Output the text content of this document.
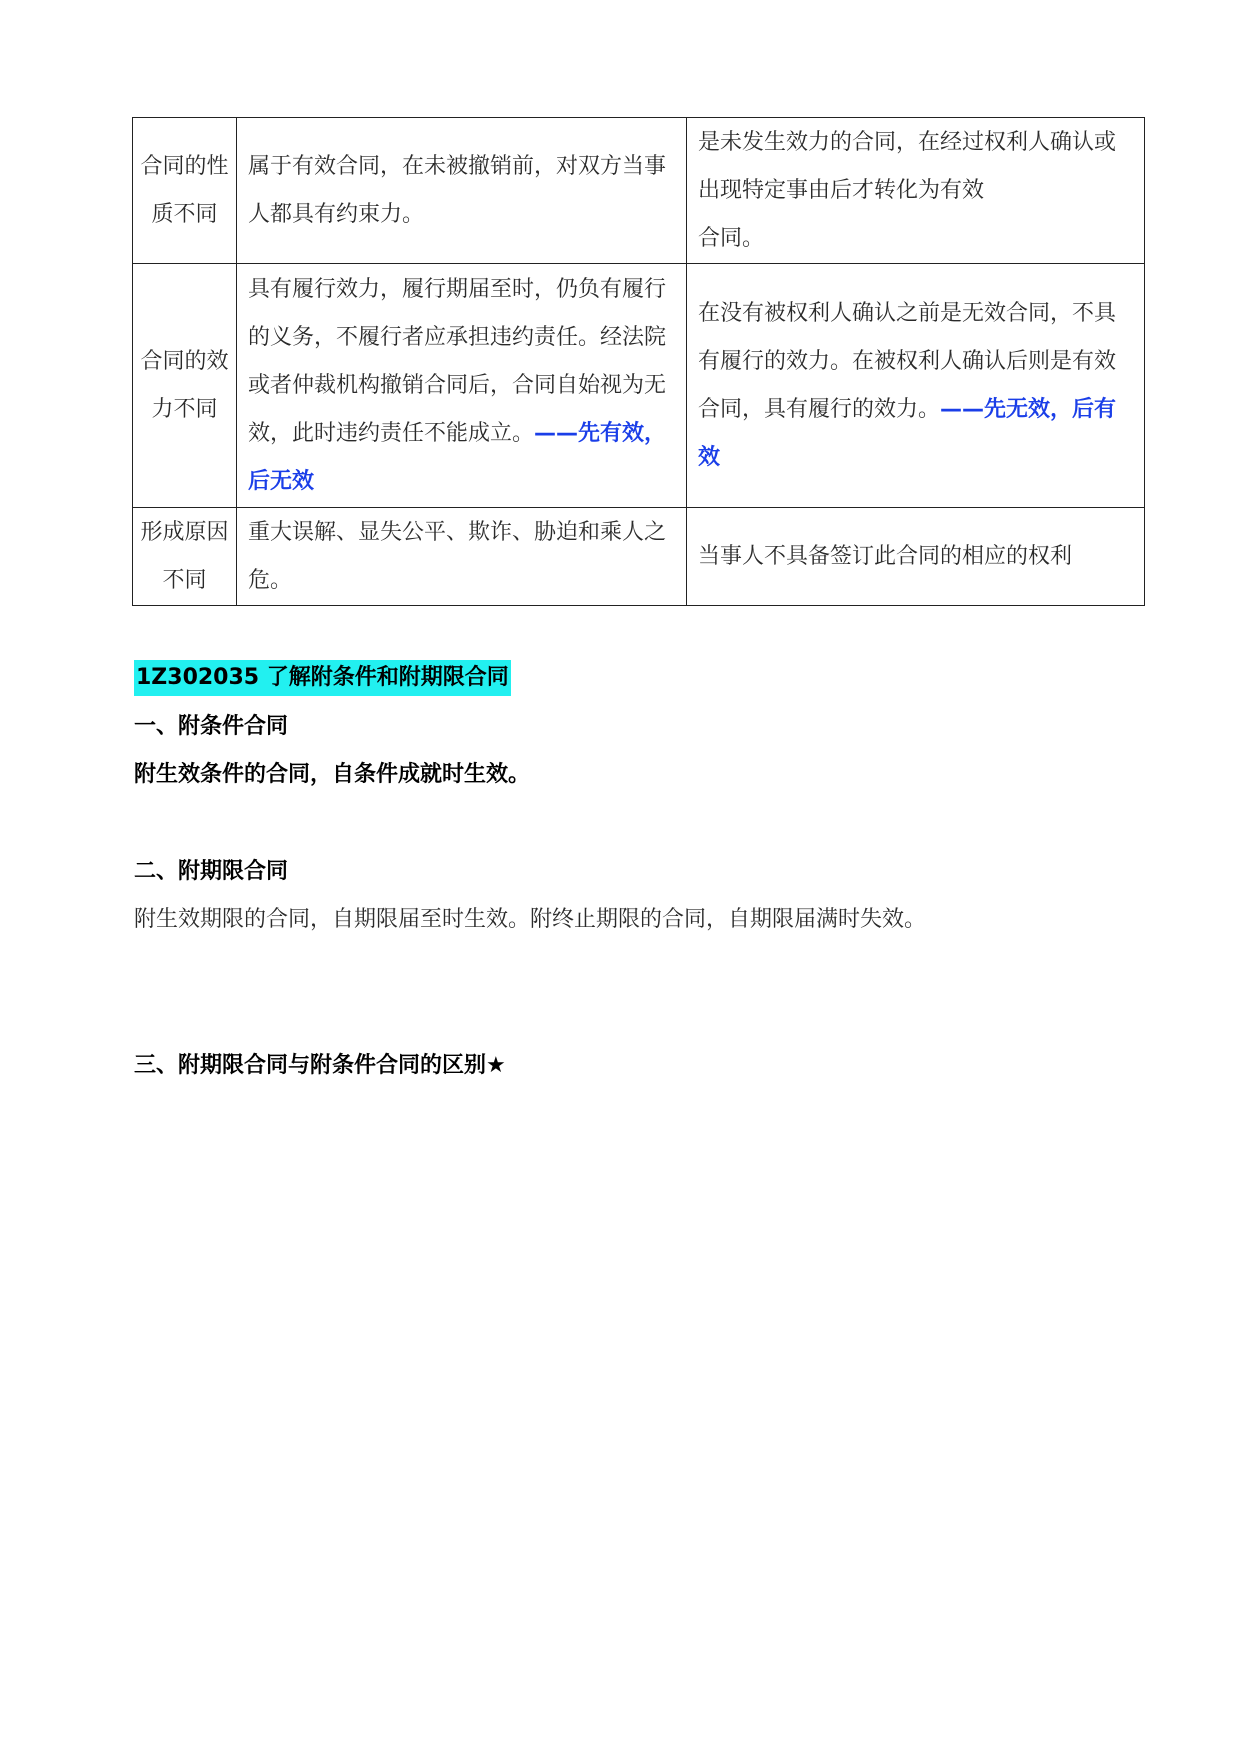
合同的性质不同	属于有效合同，在未被撤销前，对双方当事人都具有约束力。	是未发生效力的合同，在经过权利人确认或出现特定事由后才转化为有效
合同。
合同的效力不同	具有履行效力，履行期届至时，仍负有履行的义务，不履行者应承担违约责任。经法院或者仲裁机构撤销合同后，合同自始视为无效，此时违约责任不能成立。——先有效，后无效	在没有被权利人确认之前是无效合同，不具有履行的效力。在被权利人确认后则是有效合同，具有履行的效力。——先无效，后有效
形成原因不同	重大误解、显失公平、欺诈、胁迫和乘人之危。	当事人不具备签订此合同的相应的权利
1Z302035 了解附条件和附期限合同
一、附条件合同
附生效条件的合同，自条件成就时生效。
二、附期限合同
附生效期限的合同，自期限届至时生效。附终止期限的合同，自期限届满时失效。
三、附期限合同与附条件合同的区别★
